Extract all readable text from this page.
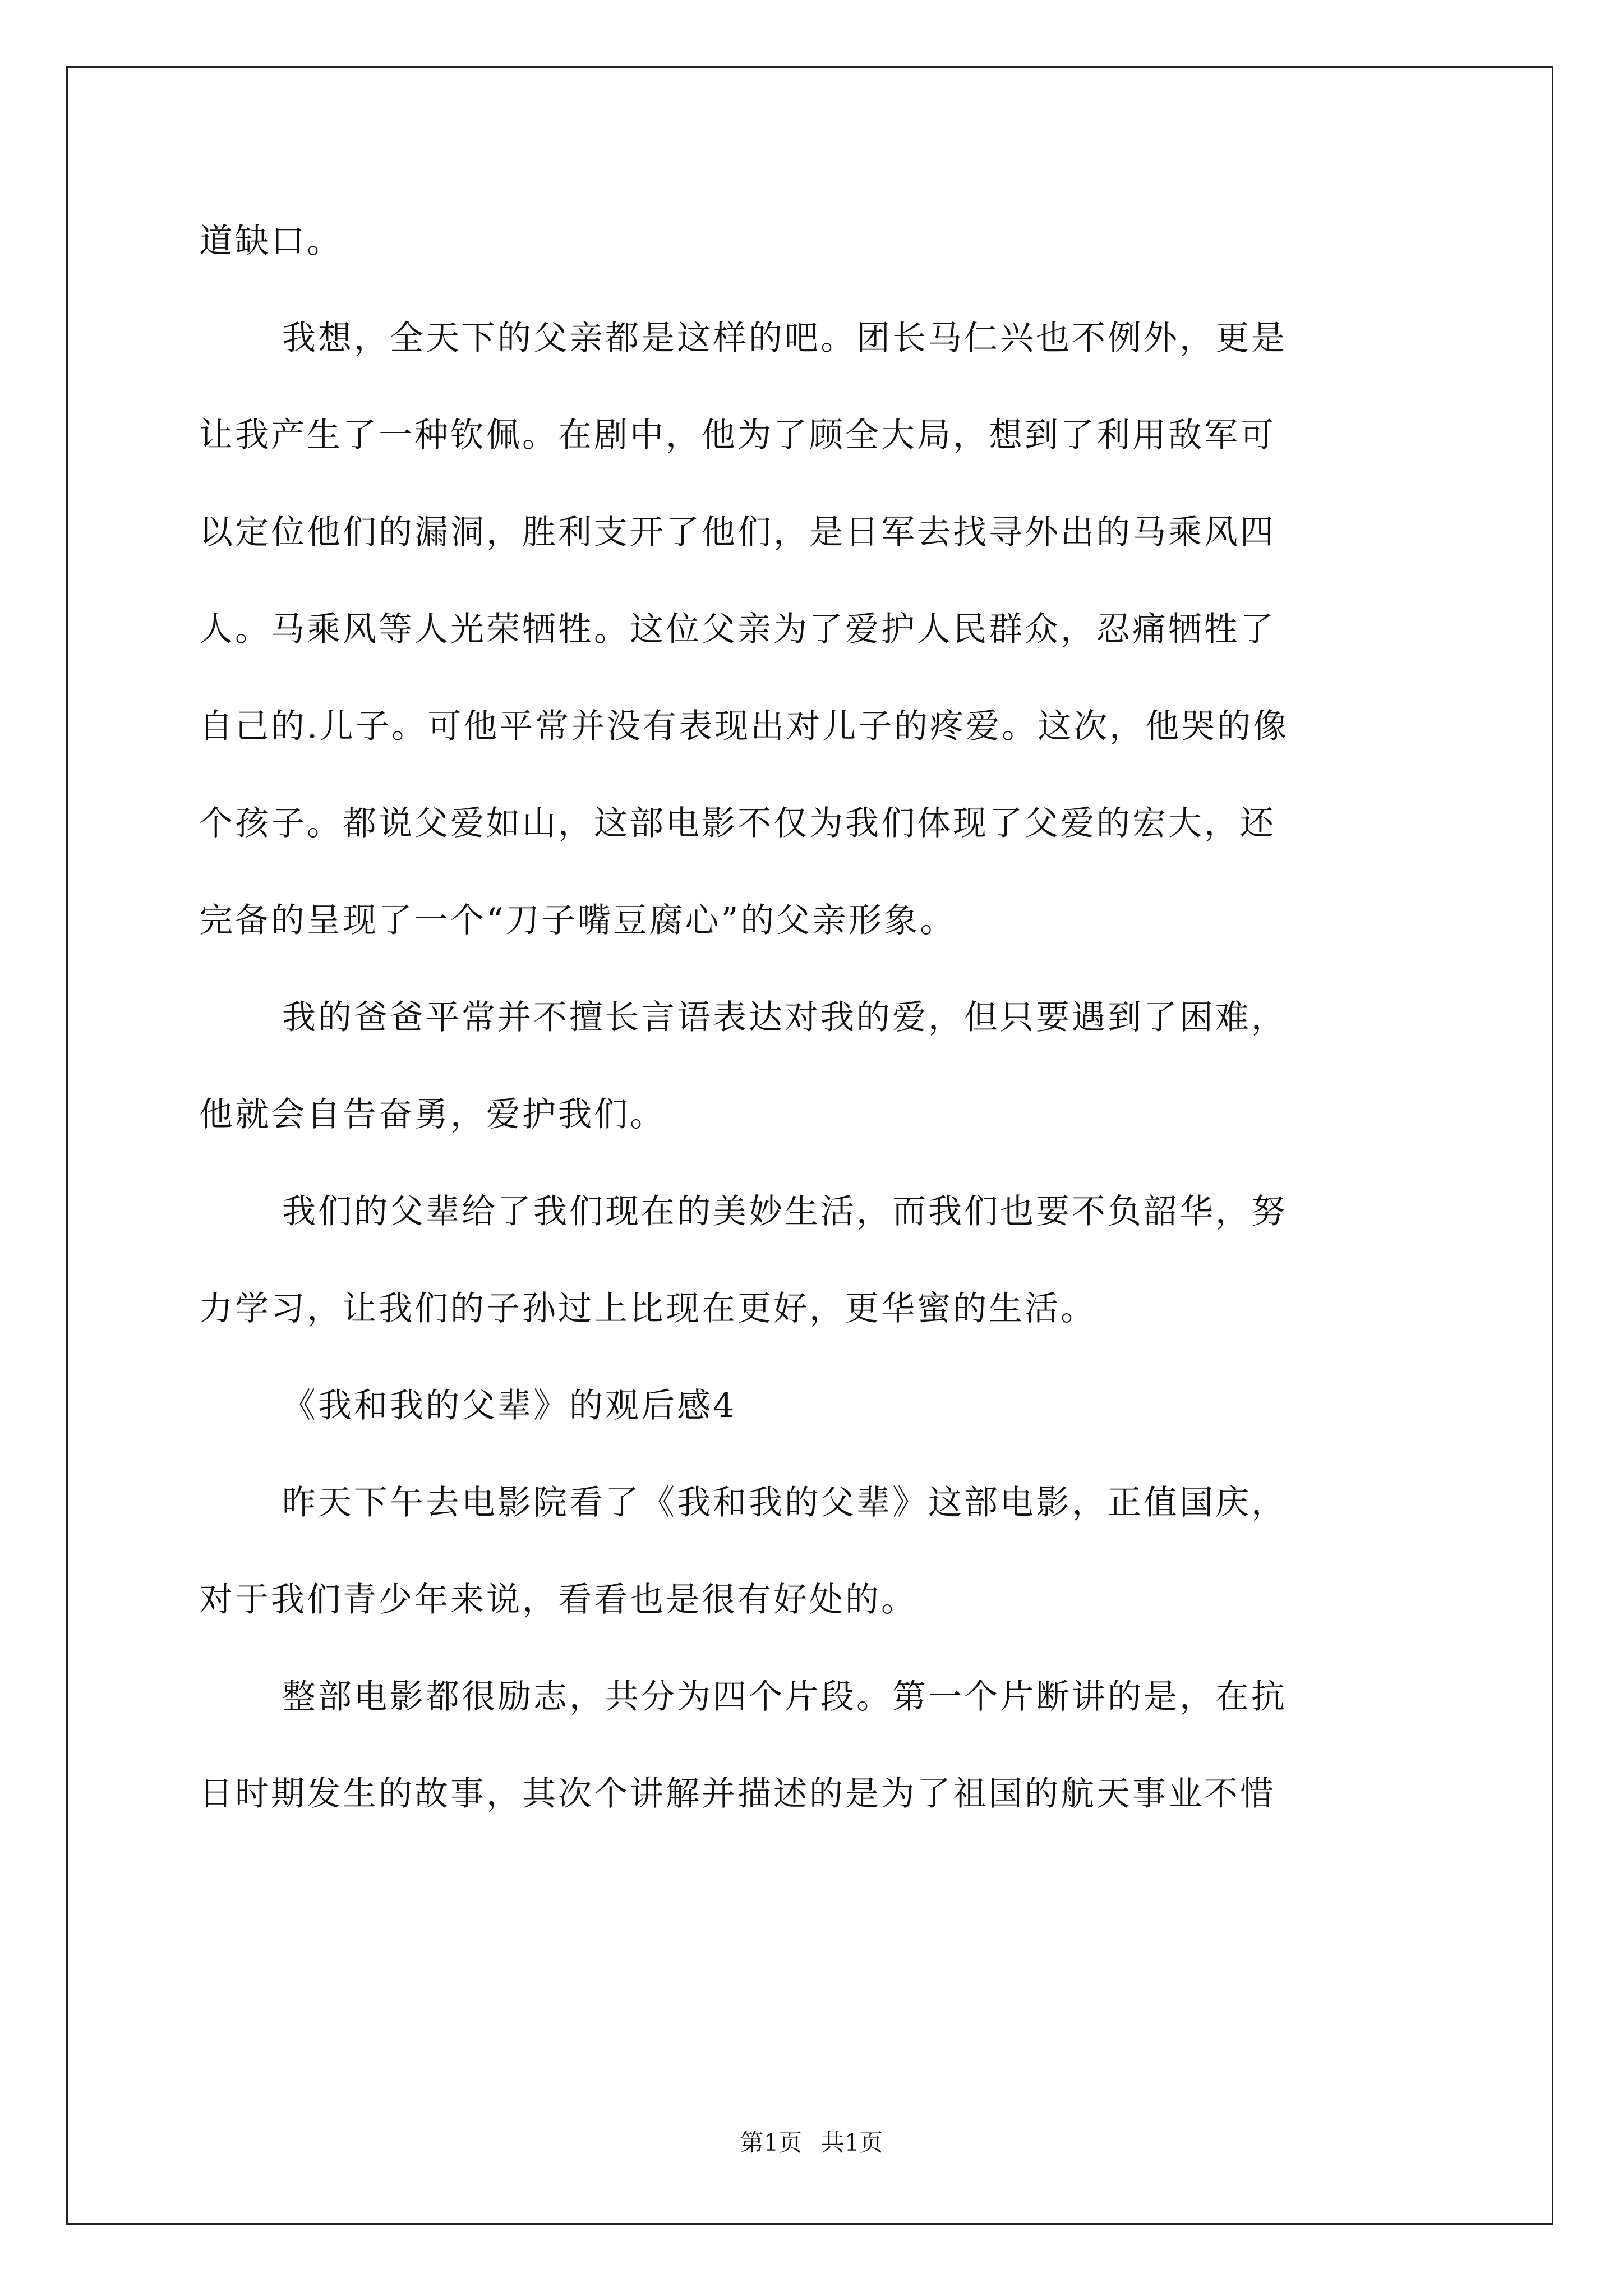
道缺口。
我想，全天下的父亲都是这样的吧。团长马仁兴也不例外，更是
让我产生了一种钦佩。在剧中，他为了顾全大局，想到了利用敌军可
以定位他们的漏洞，胜利支开了他们，是日军去找寻外出的马乘风四
人。马乘风等人光荣牺牲。这位父亲为了爱护人民群众，忍痛牺牲了
自己的.儿子。可他平常并没有表现出对儿子的疼爱。这次，他哭的像
个孩子。都说父爱如山，这部电影不仅为我们体现了父爱的宏大，还
完备的呈现了一个“刀子嘴豆腐心”的父亲形象。
我的爸爸平常并不擅长言语表达对我的爱，但只要遇到了困难，
他就会自告奋勇，爱护我们。
我们的父辈给了我们现在的美妙生活，而我们也要不负韶华，努
力学习，让我们的子孙过上比现在更好，更华蜜的生活。
《我和我的父辈》的观后感4
昨天下午去电影院看了《我和我的父辈》这部电影，正值国庆，
对于我们青少年来说，看看也是很有好处的。
整部电影都很励志，共分为四个片段。第一个片断讲的是，在抗
日时期发生的故事，其次个讲解并描述的是为了祖国的航天事业不惜
第1页 共1页
